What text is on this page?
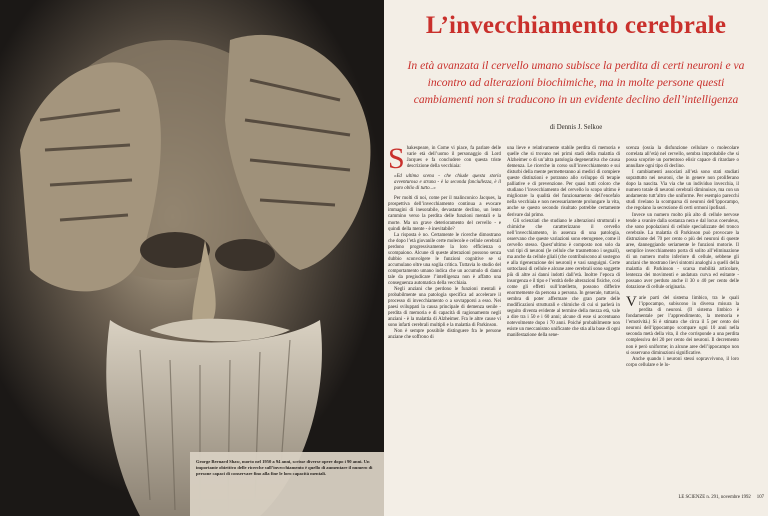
George Bernard Shaw, morto nel 1950 a 94 anni, scrisse diverse opere dopo i 90 anni. Un importante obiettivo delle ricerche sull’invecchiamento è quello di aumentare il numero di persone capaci di conservare fino alla fine le loro capacità mentali.
L’invecchiamento cerebrale
In età avanzata il cervello umano subisce la perdita di certi neuroni e va incontro ad alterazioni biochimiche, ma in molte persone questi cambiamenti non si traducono in un evidente declino dell’intelligenza
di Dennis J. Selkoe

Shakespeare, in Come vi piace, fa parlare delle varie età dell’uomo il personaggio di Lord Jacques e fa concludere con questa triste descrizione della vecchiaia:

«Ed ultima scena - che chiude questa storia avventurosa e strana - è la seconda fanciullezza, è il puro oblio di tutto...»

Per molti di noi, come per il malinconico Jacques, la prospettiva dell’invecchiamento continua a evocare immagini di inesorabile, devastante declino, un lento cammino verso la perdita delle funzioni mentali e la morte. Ma un grave deterioramento del cervello - e quindi della mente - è inevitabile?

La risposta è no. Certamente le ricerche dimostrano che dopo l’età giovanile certe molecole e cellule cerebrali perdono progressivamente la loro efficienza o scompaiono. Alcune di queste alterazioni possono senza dubbio sconvolgere le funzioni cognitive se si accumulano oltre una soglia critica. Tuttavia lo studio del comportamento umano indica che un accumulo di danni tale da pregiudicare l’intelligenza non è affatto una conseguenza automatica della vecchiaia.

Negli anziani che perdono le funzioni mentali è probabilmente una patologia specifica ad accelerare il processo di invecchiamento o a sovrapporsi a esso. Nei paesi sviluppati la causa principale di demenza senile - perdita di memoria e di capacità di ragionamento negli anziani - è la malattia di Alzheimer. Fra le altre cause vi sono infarti cerebrali multipli e la malattia di Parkinson.

Non è sempre possibile distinguere fra le persone anziane che soffrono di

una lieve e relativamente stabile perdita di memoria e quelle che si trovano nei primi stadi della malattia di Alzheimer o di un’altra patologia degenerativa che causa demenza. Le ricerche in corso sull’invecchiamento e sui disturbi della mente permetteranno ai medici di compiere queste distinzioni e potranno allo sviluppo di terapie palliative e di prevenzione. Per quasi tutti coloro che studiano l’invecchiamento del cervello lo scopo ultimo è migliorare la qualità del funzionamento dell’encefalo nella vecchiaia e non necessariamente prolungare la vita, anche se questo secondo risultato potrebbe certamente derivare dal primo.

Gli scienziati che studiano le alterazioni strutturali e chimiche che caratterizzano il cervello nell’invecchiamento, in assenza di una patologia, osservano che queste variazioni sono eterogenee, come il cervello stesso. Quest’ultimo è composto non solo da vari tipi di neuroni (le cellule che trasmettono i segnali), ma anche da cellule gliali (che contribuiscono al sostegno e alla rigenerazione dei neuroni) e vasi sanguigni. Certe sottoclassi di cellule e alcune aree cerebrali sono soggette più di altre ai danni indotti dall’età. Inoltre l’epoca di insorgenza e il tipo e l’entità delle alterazioni fisiche, così come gli effetti sull’intelletto, possono differire enormemente da persona a persona. In generale, tuttavia, sembra di poter affermare che gran parte delle modificazioni strutturali e chimiche di cui si parlerà in seguito diventa evidente al termine della mezza età, vale a dire tra i 50 e i 60 anni; alcune di esse si accentuano notevolmente dopo i 70 anni. Poiché probabilmente non esiste un meccanismo unificante che stia alla base di ogni manifestazione della sene-

scenza (ossia la disfunzione cellulare o molecolare correlata all’età) nel cervello, sembra improbabile che si possa scoprire un portentoso elisir capace di ritardare o annullare ogni tipo di declino.

I cambiamenti associati all’età sono stati studiati soprattutto nei neuroni, che in genere non proliferano dopo la nascita. Via via che un individuo invecchia, il numero totale di neuroni cerebrali diminuisce, ma con un andamento tutt’altro che uniforme. Per esempio parecchi studi rivelano la scomparsa di neuroni dell’ippocampo, che regolano la secrezione di certi ormoni ipofisari.

Invece un numero molto più alto di cellule nervose tende a svanire dalla sostanza nera e dal locus coeruleus, che sono popolazioni di cellule specializzate del tronco cerebrale. La malattia di Parkinson può provocare la distruzione del 70 per cento o più dei neuroni di queste aree, danneggiando seriamente le funzioni motorie. Il semplice invecchiamento porta di solito all’eliminazione di un numero molto inferiore di cellule, sebbene gli anziani che mostrano lievi sintomi analoghi a quelli della malattia di Parkinson - scarsa mobilità articolare, lentezza dei movimenti e andatura curva ed esitante - possano aver perduto anche il 30 o 40 per cento delle dotazione di cellule originaria.

Varie parti del sistema limbico, tra le quali l’ippocampo, subiscono in diversa misura la perdita di neuroni. (Il sistema limbico è fondamentale per l’apprendimento, la memoria e l’emotività.) Si è stimato che circa il 5 per cento dei neuroni dell’ippocampo scompare ogni 10 anni nella seconda metà della vita, il che corrisponde a una perdita complessiva del 20 per cento dei neuroni. Il decremento non è però uniforme; in alcune aree dell’ippocampo non si osservano diminuzioni significative.

Anche quando i neuroni stessi sopravvivono, il loro corpo cellulare e le lo-

LE SCIENZE n. 291, novembre 1992 107
